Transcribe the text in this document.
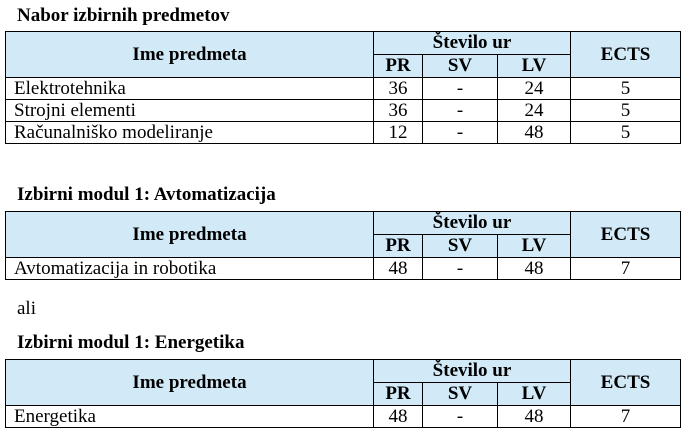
Nabor izbirnih predmetov
Ime predmeta	Število ur			ECTS
	PR	SV	LV	
Elektrotehnika	36	-	24	5
Strojni elementi	36	-	24	5
Računalniško modeliranje	12	-	48	5
Izbirni modul 1: Avtomatizacija
Ime predmeta	Število ur			ECTS
	PR	SV	LV	
Avtomatizacija in robotika	48	-	48	7
ali
Izbirni modul 1: Energetika
Ime predmeta	Število ur			ECTS
	PR	SV	LV	
Energetika	48	-	48	7
